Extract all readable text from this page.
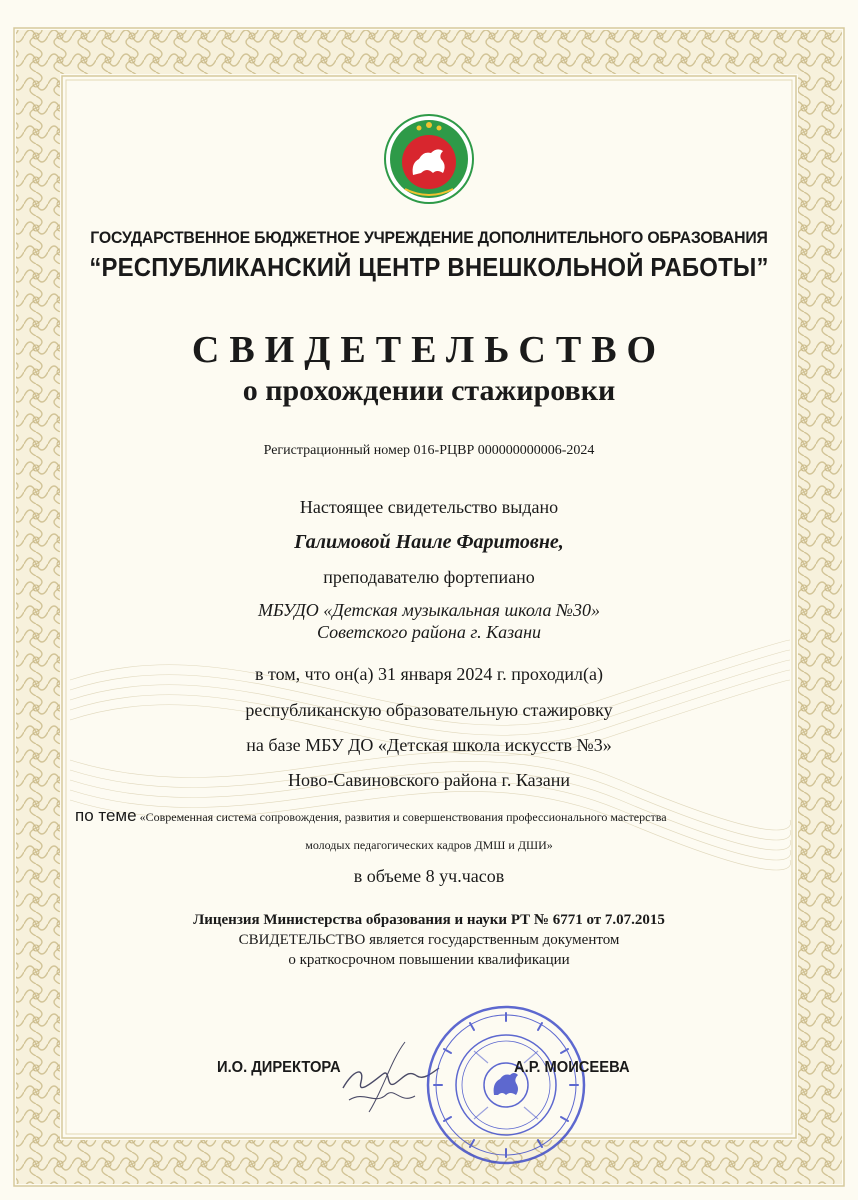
ГОСУДАРСТВЕННОЕ БЮДЖЕТНОЕ УЧРЕЖДЕНИЕ ДОПОЛНИТЕЛЬНОГО ОБРАЗОВАНИЯ
“РЕСПУБЛИКАНСКИЙ ЦЕНТР ВНЕШКОЛЬНОЙ РАБОТЫ”
СВИДЕТЕЛЬСТВО
о прохождении стажировки
Регистрационный номер 016-РЦВР 000000000006-2024
Настоящее свидетельство выдано
Галимовой Наиле Фаритовне,
преподавателю фортепиано
МБУДО «Детская музыкальная школа №30»
Советского района г. Казани
в том, что он(а) 31 января 2024 г. проходил(а)
республиканскую образовательную стажировку
на базе МБУ ДО «Детская школа искусств №3»
Ново-Савиновского района г. Казани
по теме «Современная система сопровождения, развития и совершенствования профессионального мастерства
молодых педагогических кадров ДМШ и ДШИ»
в объеме 8 уч.часов
Лицензия Министерства образования и науки РТ № 6771 от 7.07.2015
СВИДЕТЕЛЬСТВО является государственным документом
о краткосрочном повышении квалификации
И.О. ДИРЕКТОРА	А.Р. МОИСЕЕВА
